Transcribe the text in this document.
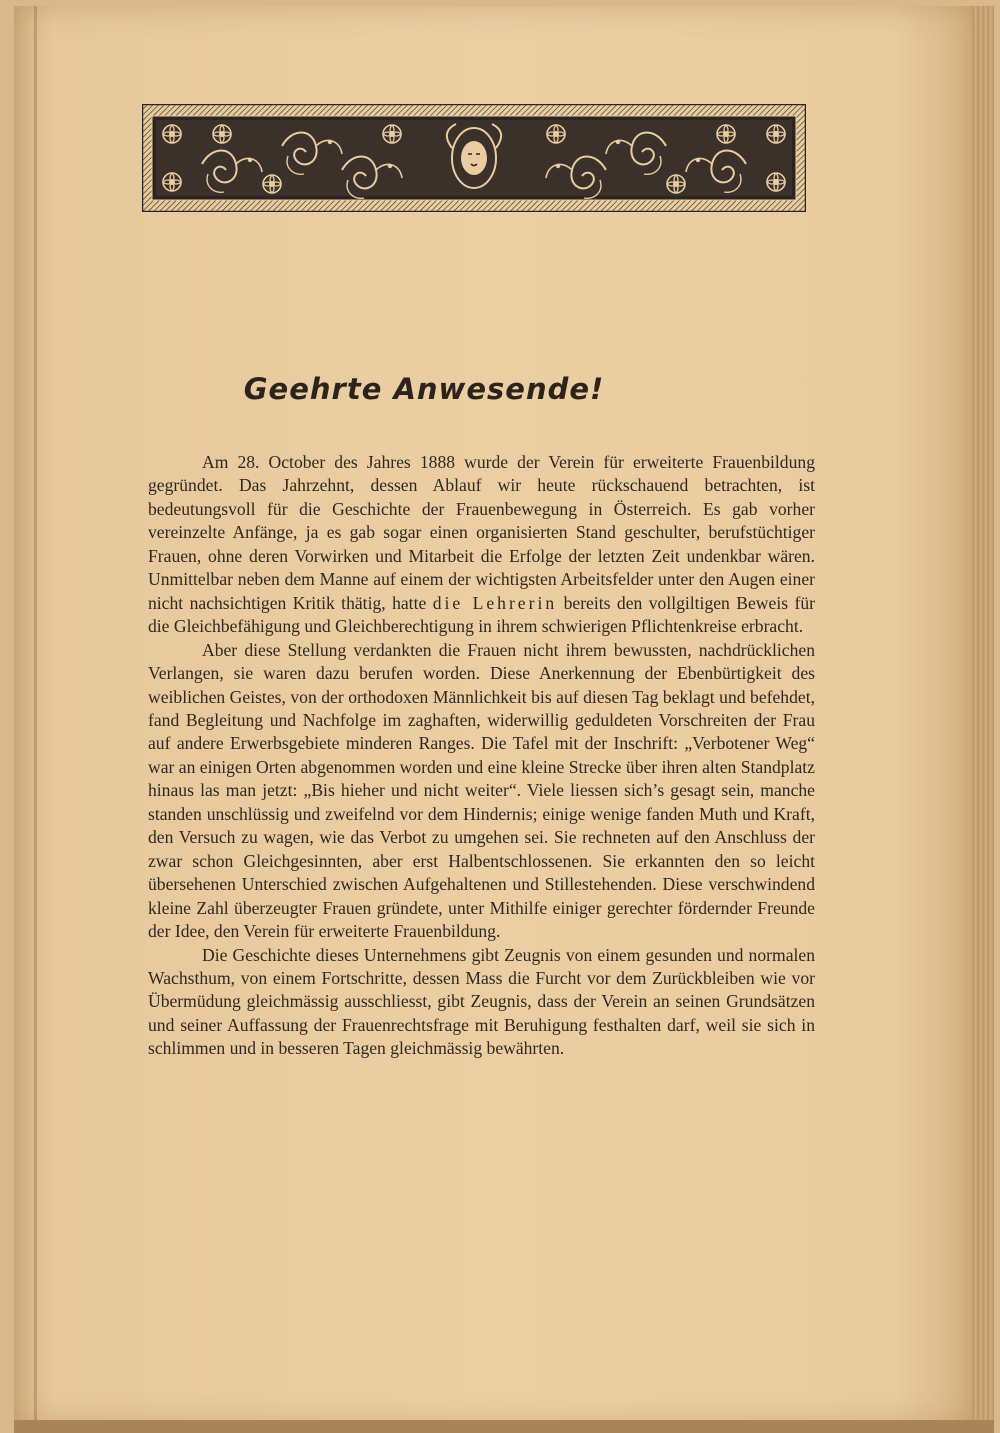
Geehrte Anwesende!

Am 28. October des Jahres 1888 wurde der Verein für erweiterte Frauenbildung gegründet. Das Jahrzehnt, dessen Ablauf wir heute rückschauend betrachten, ist bedeutungsvoll für die Geschichte der Frauenbewegung in Österreich. Es gab vorher vereinzelte Anfänge, ja es gab sogar einen organisierten Stand geschulter, berufstüchtiger Frauen, ohne deren Vorwirken und Mitarbeit die Erfolge der letzten Zeit undenkbar wären. Unmittelbar neben dem Manne auf einem der wichtigsten Arbeitsfelder unter den Augen einer nicht nachsichtigen Kritik thätig, hatte die Lehrerin bereits den vollgiltigen Beweis für die Gleichbefähigung und Gleichberechtigung in ihrem schwierigen Pflichtenkreise erbracht.

Aber diese Stellung verdankten die Frauen nicht ihrem bewussten, nachdrücklichen Verlangen, sie waren dazu berufen worden. Diese Anerkennung der Ebenbürtigkeit des weiblichen Geistes, von der orthodoxen Männlichkeit bis auf diesen Tag beklagt und befehdet, fand Begleitung und Nachfolge im zaghaften, widerwillig geduldeten Vorschreiten der Frau auf andere Erwerbsgebiete minderen Ranges. Die Tafel mit der Inschrift: „Verbotener Weg“ war an einigen Orten abgenommen worden und eine kleine Strecke über ihren alten Standplatz hinaus las man jetzt: „Bis hieher und nicht weiter“. Viele liessen sich’s gesagt sein, manche standen unschlüssig und zweifelnd vor dem Hindernis; einige wenige fanden Muth und Kraft, den Versuch zu wagen, wie das Verbot zu umgehen sei. Sie rechneten auf den Anschluss der zwar schon Gleichgesinnten, aber erst Halbentschlossenen. Sie erkannten den so leicht übersehenen Unterschied zwischen Aufgehaltenen und Stillestehenden. Diese verschwindend kleine Zahl überzeugter Frauen gründete, unter Mithilfe einiger gerechter fördernder Freunde der Idee, den Verein für erweiterte Frauenbildung.

Die Geschichte dieses Unternehmens gibt Zeugnis von einem gesunden und normalen Wachsthum, von einem Fortschritte, dessen Mass die Furcht vor dem Zurückbleiben wie vor Übermüdung gleichmässig ausschliesst, gibt Zeugnis, dass der Verein an seinen Grundsätzen und seiner Auffassung der Frauenrechtsfrage mit Beruhigung festhalten darf, weil sie sich in schlimmen und in besseren Tagen gleichmässig bewährten.
